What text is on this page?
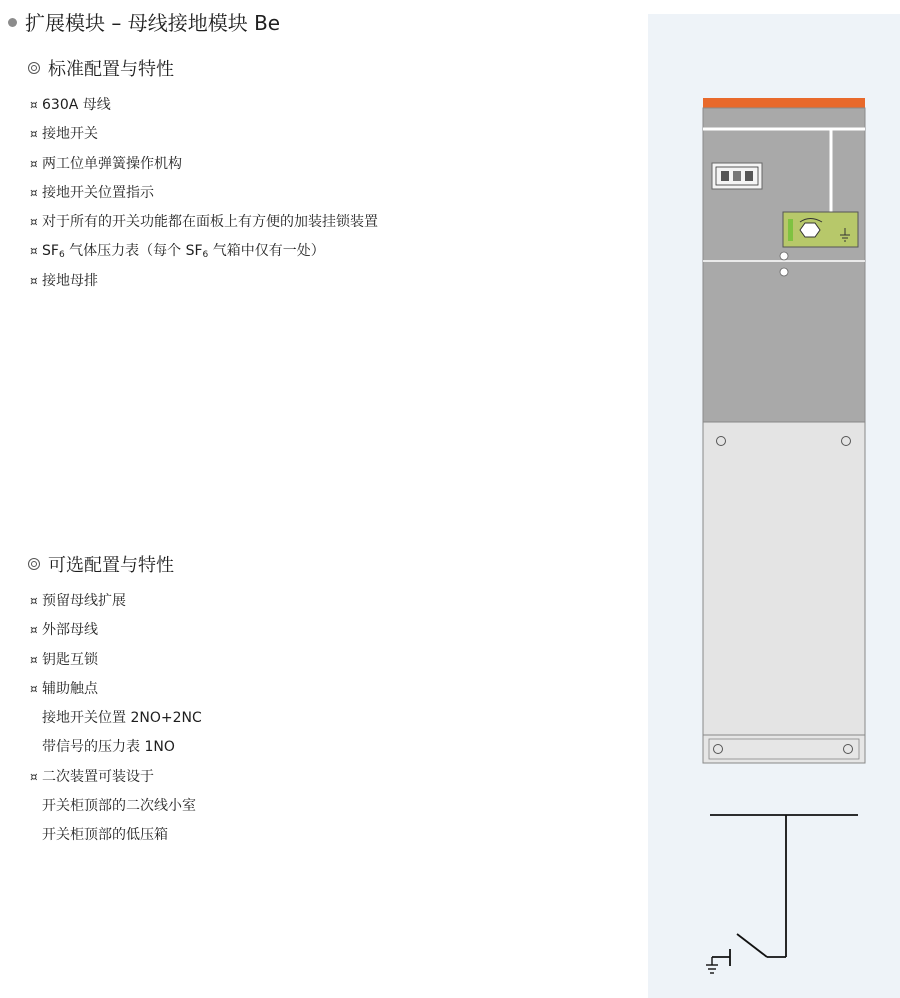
扩展模块 – 母线接地模块 Be
标准配置与特性
¤ 630A 母线
¤ 接地开关
¤ 两工位单弹簧操作机构
¤ 接地开关位置指示
¤ 对于所有的开关功能都在面板上有方便的加装挂锁装置
¤ $SF_6$ 气体压力表（每个 $SF_6$ 气箱中仅有一处）
¤ 接地母排
可选配置与特性
¤ 预留母线扩展
¤ 外部母线
¤ 钥匙互锁
¤ 辅助触点
接地开关位置 2NO+2NC
带信号的压力表 1NO
¤ 二次装置可装设于
开关柜顶部的二次线小室
开关柜顶部的低压箱
